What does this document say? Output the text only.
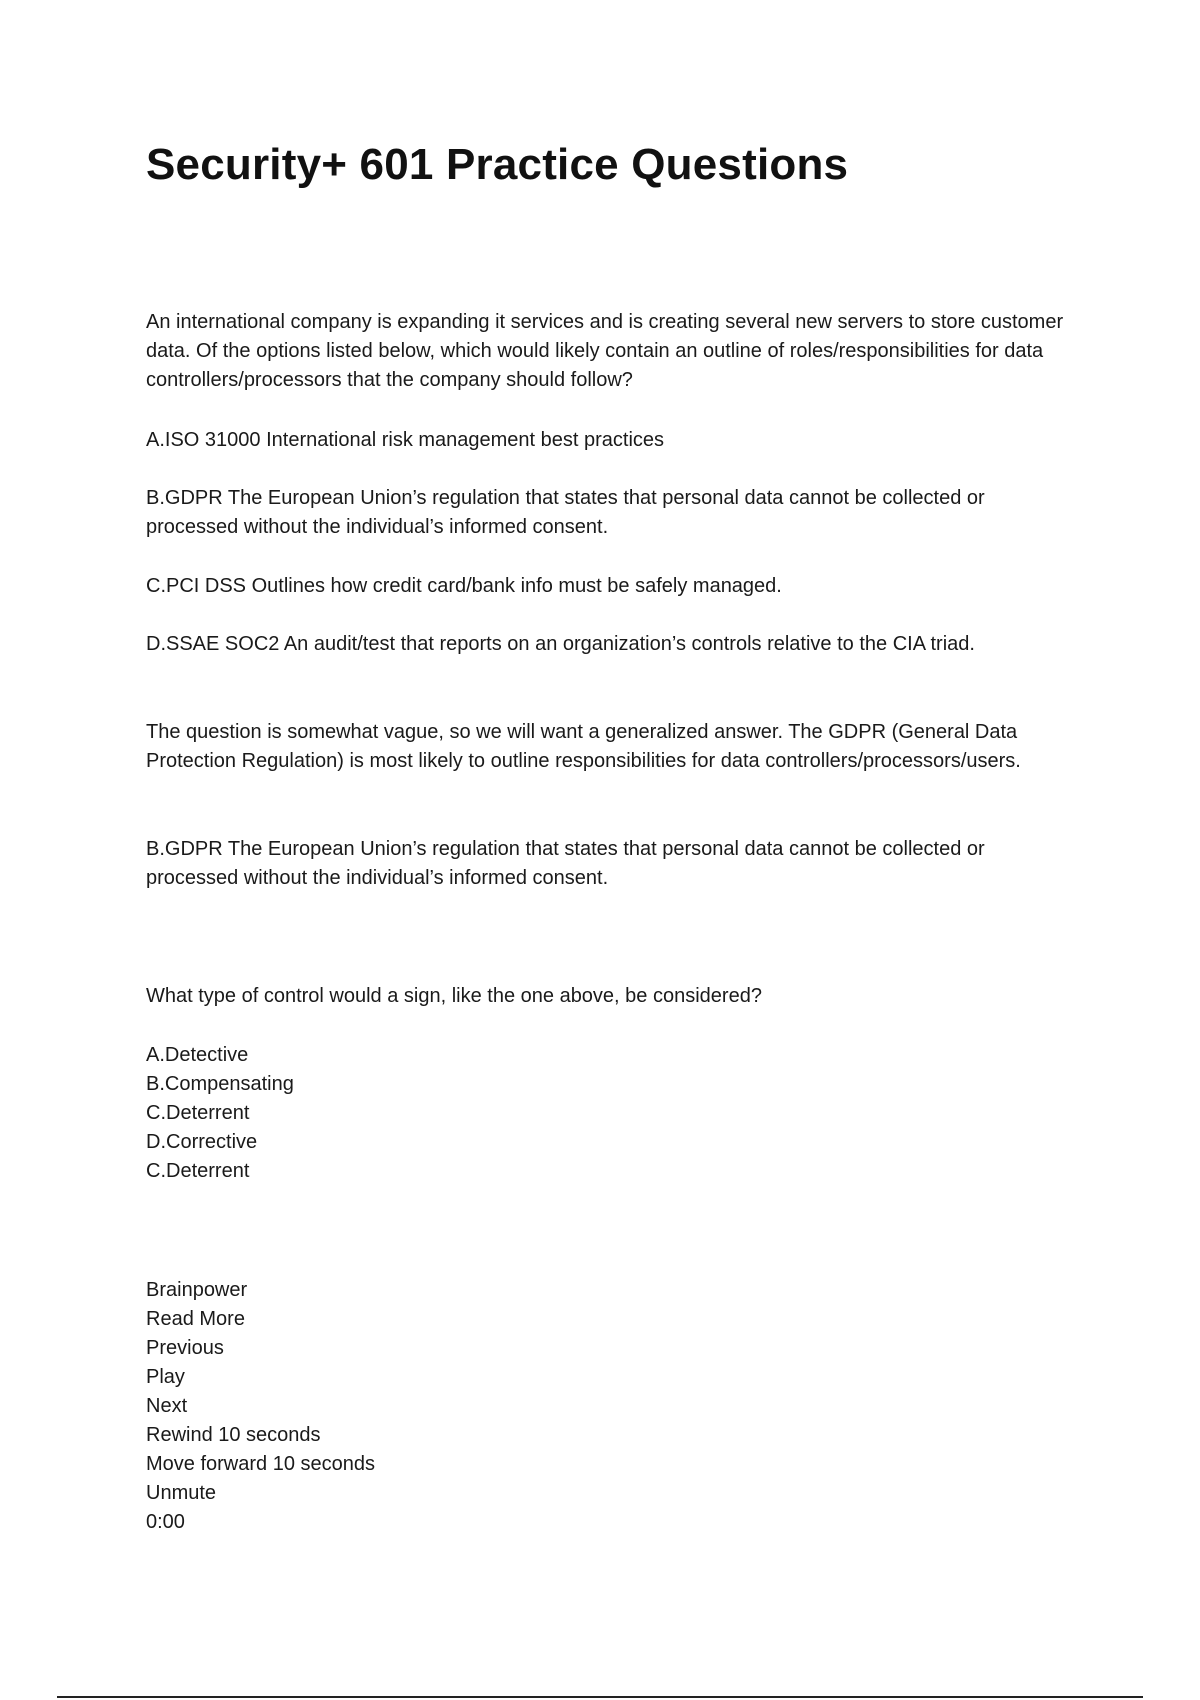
Security+ 601 Practice Questions

An international company is expanding it services and is creating several new servers to store customer data. Of the options listed below, which would likely contain an outline of roles/responsibilities for data controllers/processors that the company should follow?

A.ISO 31000 International risk management best practices

B.GDPR The European Union’s regulation that states that personal data cannot be collected or processed without the individual’s informed consent.

C.PCI DSS Outlines how credit card/bank info must be safely managed.

D.SSAE SOC2 An audit/test that reports on an organization’s controls relative to the CIA triad.

The question is somewhat vague, so we will want a generalized answer. The GDPR (General Data Protection Regulation) is most likely to outline responsibilities for data controllers/processors/users.

B.GDPR The European Union’s regulation that states that personal data cannot be collected or processed without the individual’s informed consent.

What type of control would a sign, like the one above, be considered?

A.Detective

B.Compensating

C.Deterrent

D.Corrective

C.Deterrent

Brainpower

Read More

Previous

Play

Next

Rewind 10 seconds

Move forward 10 seconds

Unmute

0:00
